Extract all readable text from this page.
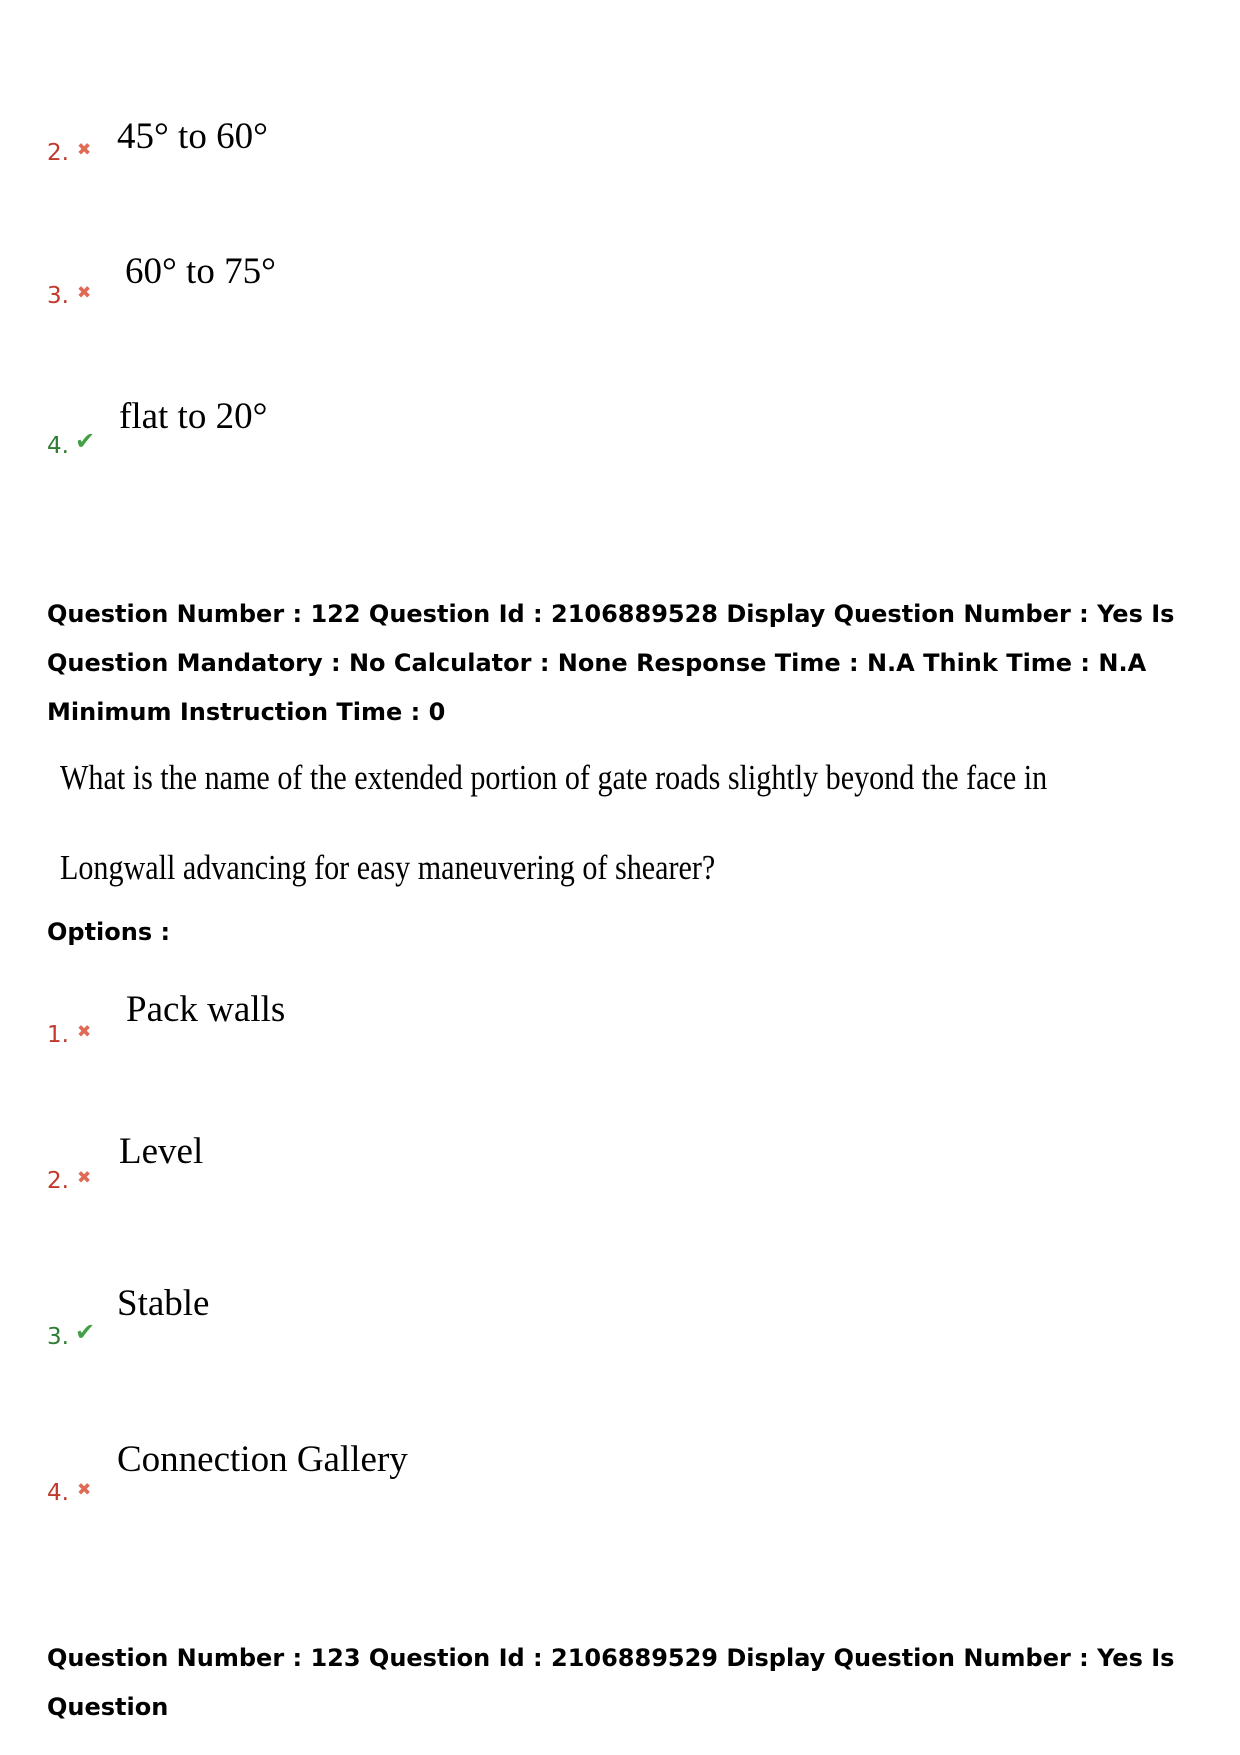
2. ✖ 45° to 60°
3. ✖
60° to 75°
4. ✔
flat to 20°

Question Number : 122 Question Id : 2106889528 Display Question Number : Yes Is Question Mandatory : No Calculator : None Response Time : N.A Think Time : N.A Minimum Instruction Time : 0

What is the name of the extended portion of gate roads slightly beyond the face in
Longwall advancing for easy maneuvering of shearer?
Options :
1. ✖
Pack walls
2. ✖
Level
3. ✔
Stable
4. ✖
Connection Gallery

Question Number : 123 Question Id : 2106889529 Display Question Number : Yes Is Question
